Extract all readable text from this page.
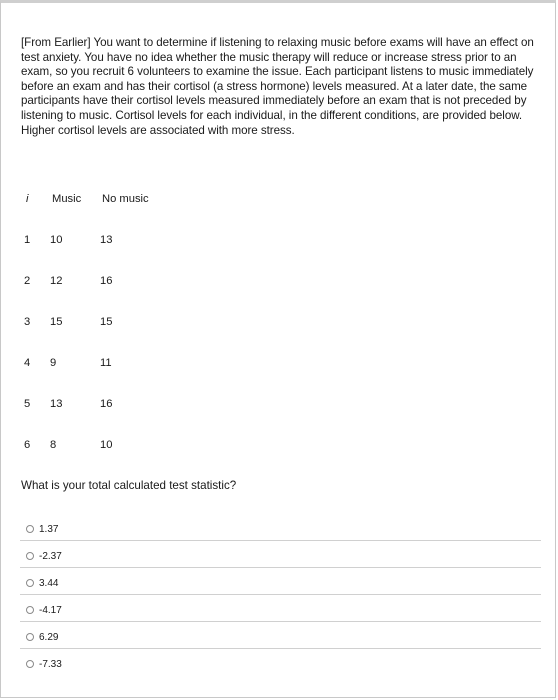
[From Earlier] You want to determine if listening to relaxing music before exams will have an effect on test anxiety. You have no idea whether the music therapy will reduce or increase stress prior to an exam, so you recruit 6 volunteers to examine the issue. Each participant listens to music immediately before an exam and has their cortisol (a stress hormone) levels measured. At a later date, the same participants have their cortisol levels measured immediately before an exam that is not preceded by listening to music. Cortisol levels for each individual, in the different conditions, are provided below. Higher cortisol levels are associated with more stress.
i Music No music
1 10	13
2 12	16
3 15	15
4 9	11
5 13	16
6 8	10
What is your total calculated test statistic?
1.37
-2.37
3.44
-4.17
6.29
-7.33
